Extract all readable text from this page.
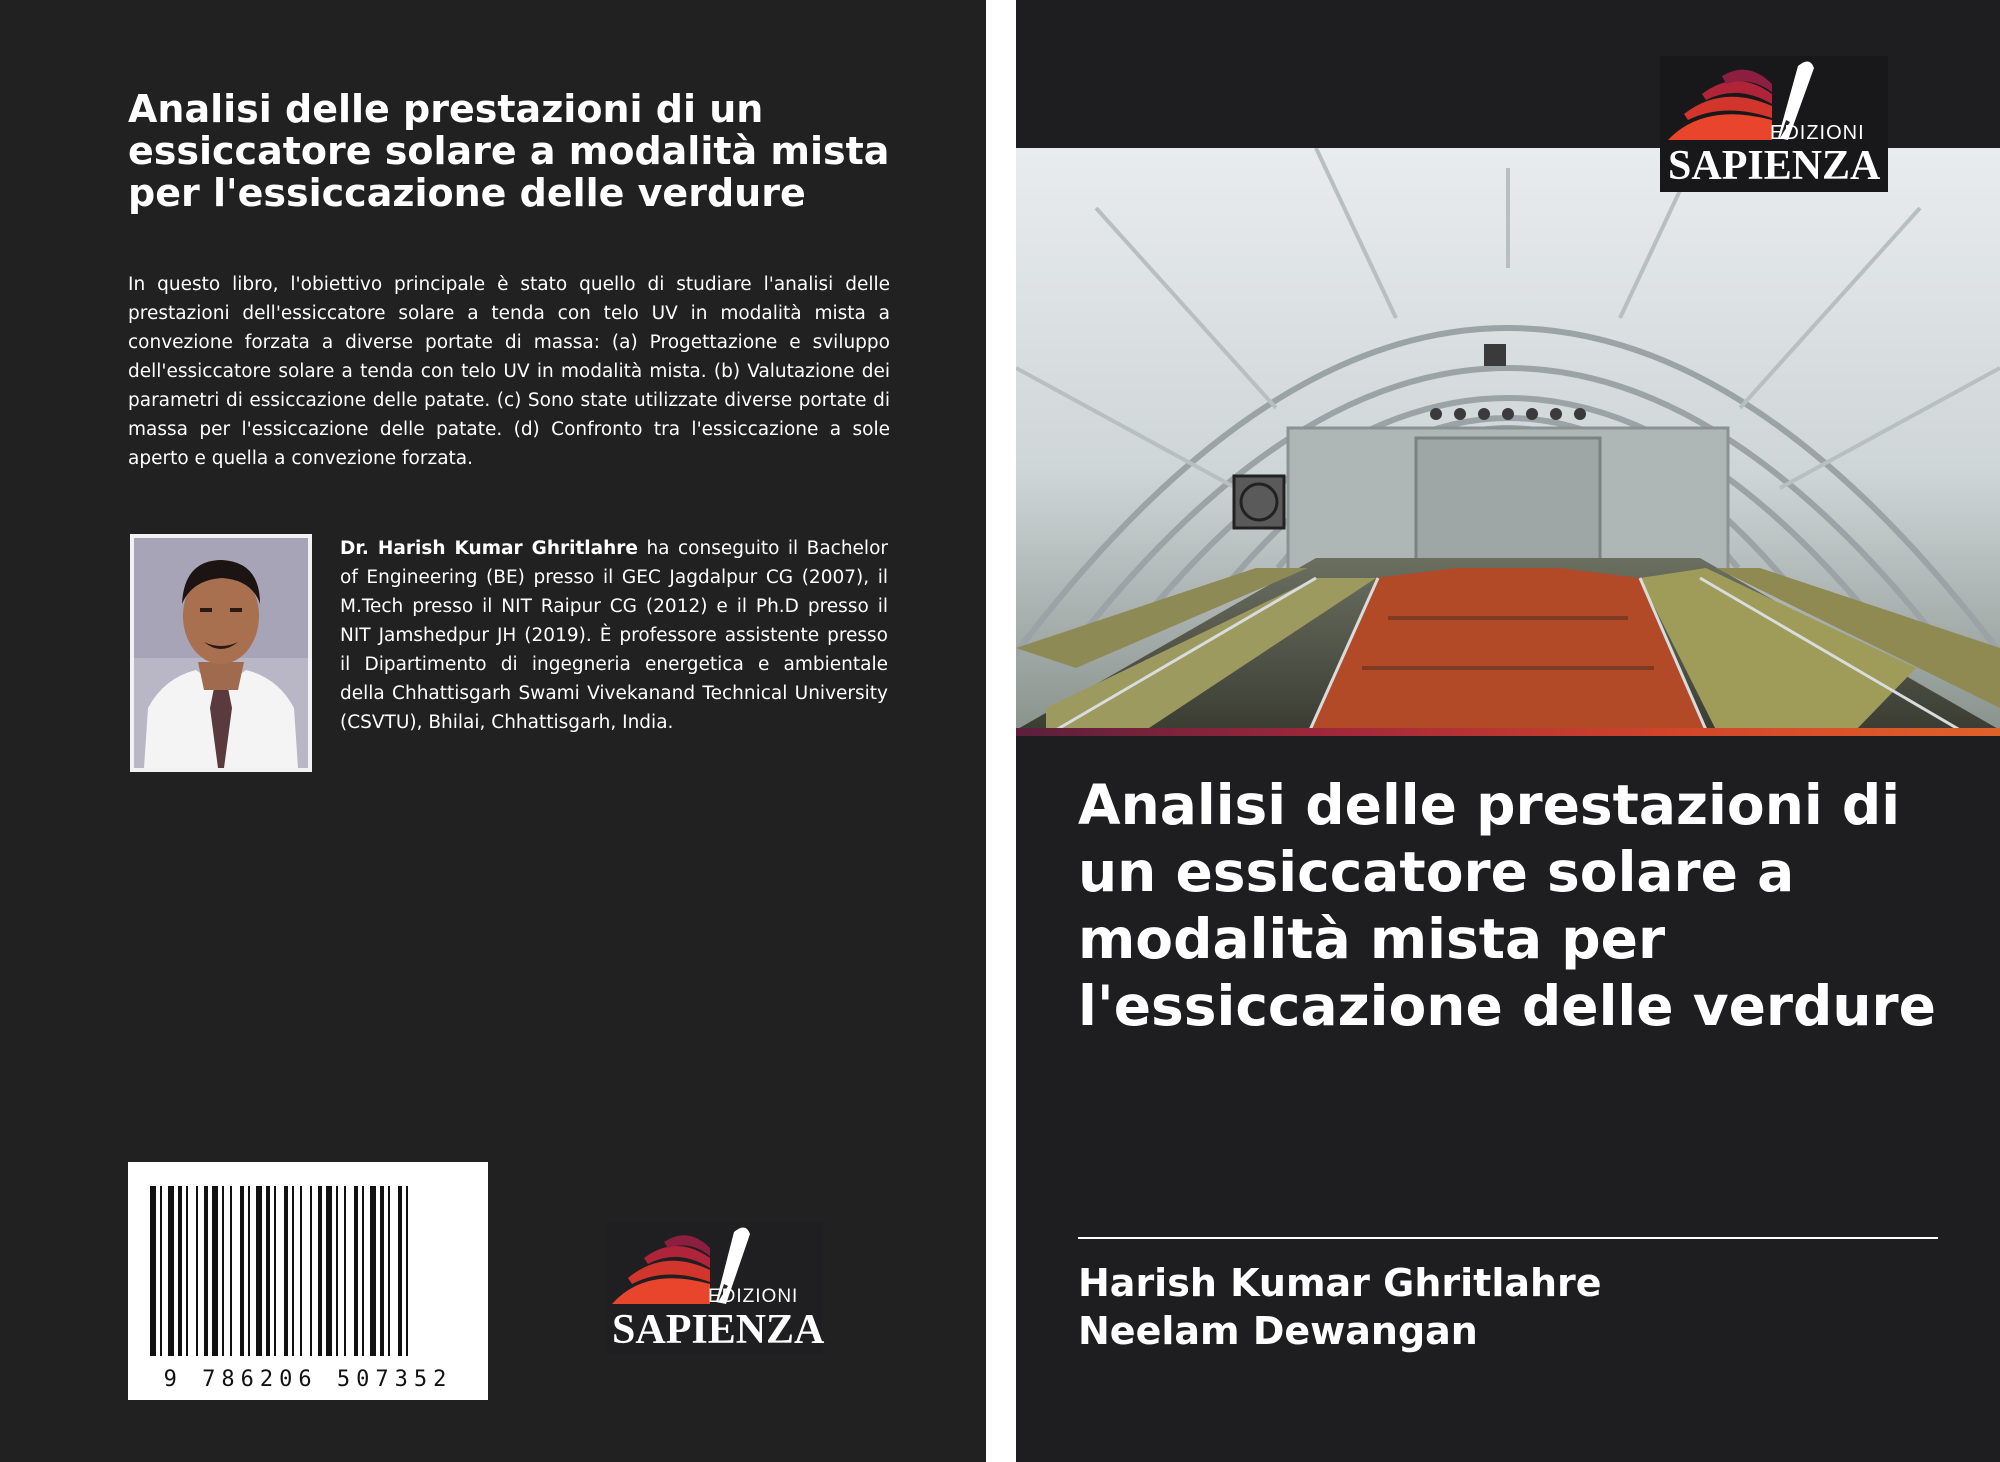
Analisi delle prestazioni di un essiccatore solare a modalità mista per l'essiccazione delle verdure

In questo libro, l'obiettivo principale è stato quello di studiare l'analisi delle prestazioni dell'essiccatore solare a tenda con telo UV in modalità mista a convezione forzata a diverse portate di massa: (a) Progettazione e sviluppo dell'essiccatore solare a tenda con telo UV in modalità mista. (b) Valutazione dei parametri di essiccazione delle patate. (c) Sono state utilizzate diverse portate di massa per l'essiccazione delle patate. (d) Confronto tra l'essiccazione a sole aperto e quella a convezione forzata.

Dr. Harish Kumar Ghritlahre ha conseguito il Bachelor of Engineering (BE) presso il GEC Jagdalpur CG (2007), il M.Tech presso il NIT Raipur CG (2012) e il Ph.D presso il NIT Jamshedpur JH (2019). È professore assistente presso il Dipartimento di ingegneria energetica e ambientale della Chhattisgarh Swami Vivekanand Technical University (CSVTU), Bhilai, Chhattisgarh, India.

9 786206 507352
EDIZIONI
SAPIENZA
EDIZIONI
SAPIENZA
Analisi delle prestazioni di un essiccatore solare a modalità mista per l'essiccazione delle verdure
Harish Kumar Ghritlahre
Neelam Dewangan
